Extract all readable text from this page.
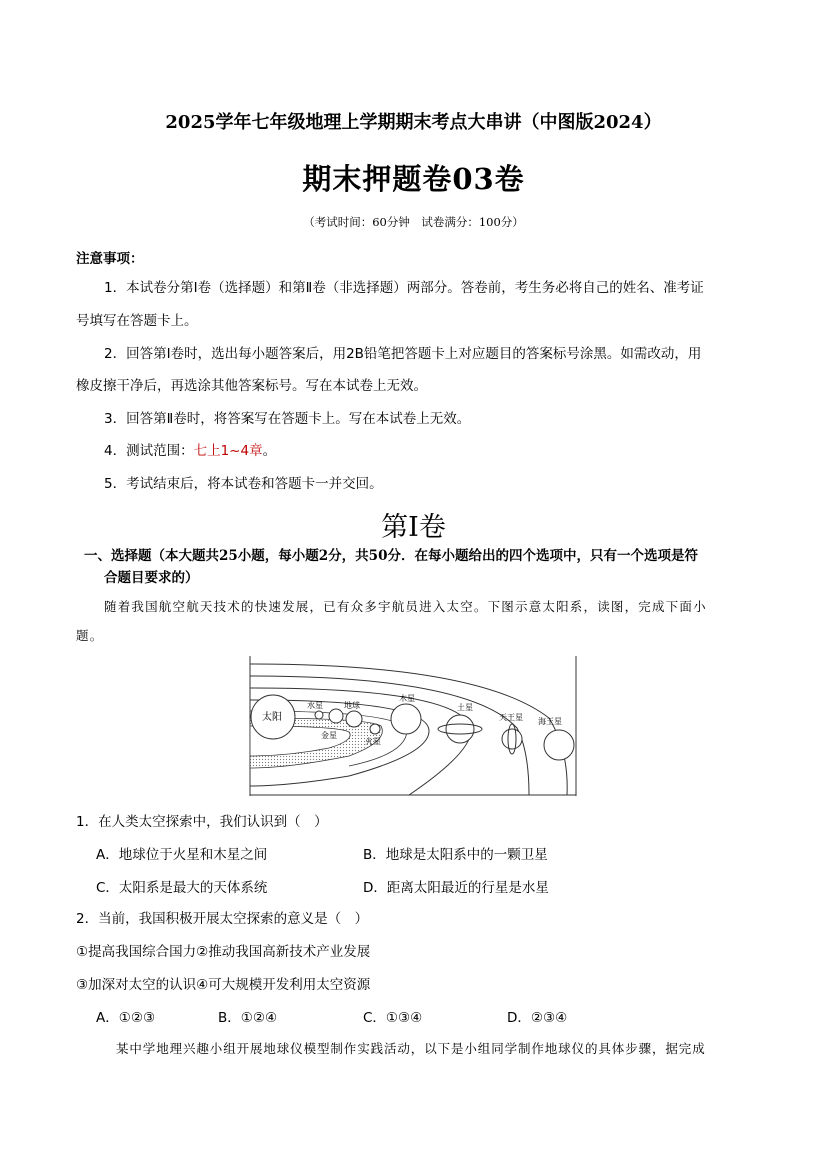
2025学年七年级地理上学期期末考点大串讲（中图版2024）
期末押题卷03卷
（考试时间：60分钟　试卷满分：100分）
注意事项：
1．本试卷分第Ⅰ卷（选择题）和第Ⅱ卷（非选择题）两部分。答卷前，考生务必将自己的姓名、准考证
号填写在答题卡上。
2．回答第Ⅰ卷时，选出每小题答案后，用2B铅笔把答题卡上对应题目的答案标号涂黑。如需改动，用
橡皮擦干净后，再选涂其他答案标号。写在本试卷上无效。
3．回答第Ⅱ卷时，将答案写在答题卡上。写在本试卷上无效。
4．测试范围：七上1~4章。
5．考试结束后，将本试卷和答题卡一并交回。
第Ⅰ卷
一、选择题（本大题共25小题，每小题2分，共50分．在每小题给出的四个选项中，只有一个选项是符
合题目要求的）
随着我国航空航天技术的快速发展，已有众多宇航员进入太空。下图示意太阳系，读图，完成下面小
题。
太阳
水星
金星
地球
火星
木星
土星
天王星 海王星
1．在人类太空探索中，我们认识到（　）
A．地球位于火星和木星之间	B．地球是太阳系中的一颗卫星
C．太阳系是最大的天体系统	D．距离太阳最近的行星是水星
2．当前，我国积极开展太空探索的意义是（　）
①提高我国综合国力②推动我国高新技术产业发展
③加深对太空的认识④可大规模开发利用太空资源
A．①②③	B．①②④	C．①③④	D．②③④
某中学地理兴趣小组开展地球仪模型制作实践活动，以下是小组同学制作地球仪的具体步骤，据完成
